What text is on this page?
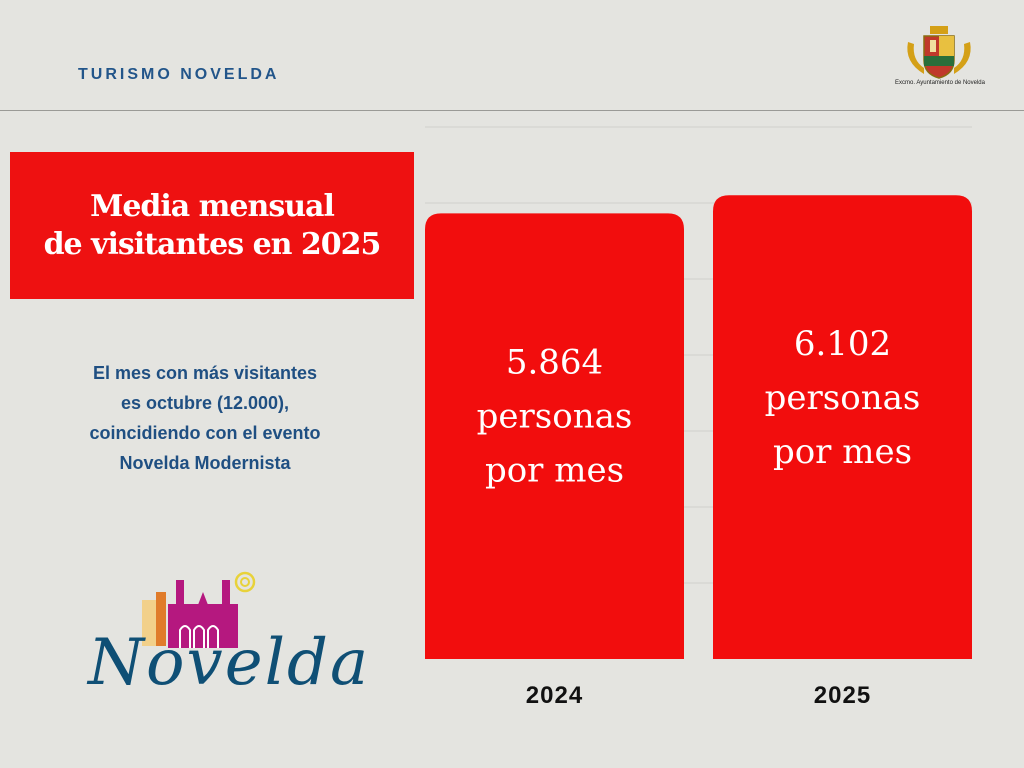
TURISMO NOVELDA	Excmo. Ayuntamiento de Novelda
Media mensual
de visitantes en 2025
El mes con más visitantes
es octubre (12.000),
coincidiendo con el evento
Novelda Modernista
Novelda
5.864
personas
por mes
2024
6.102
personas
por mes
2025
